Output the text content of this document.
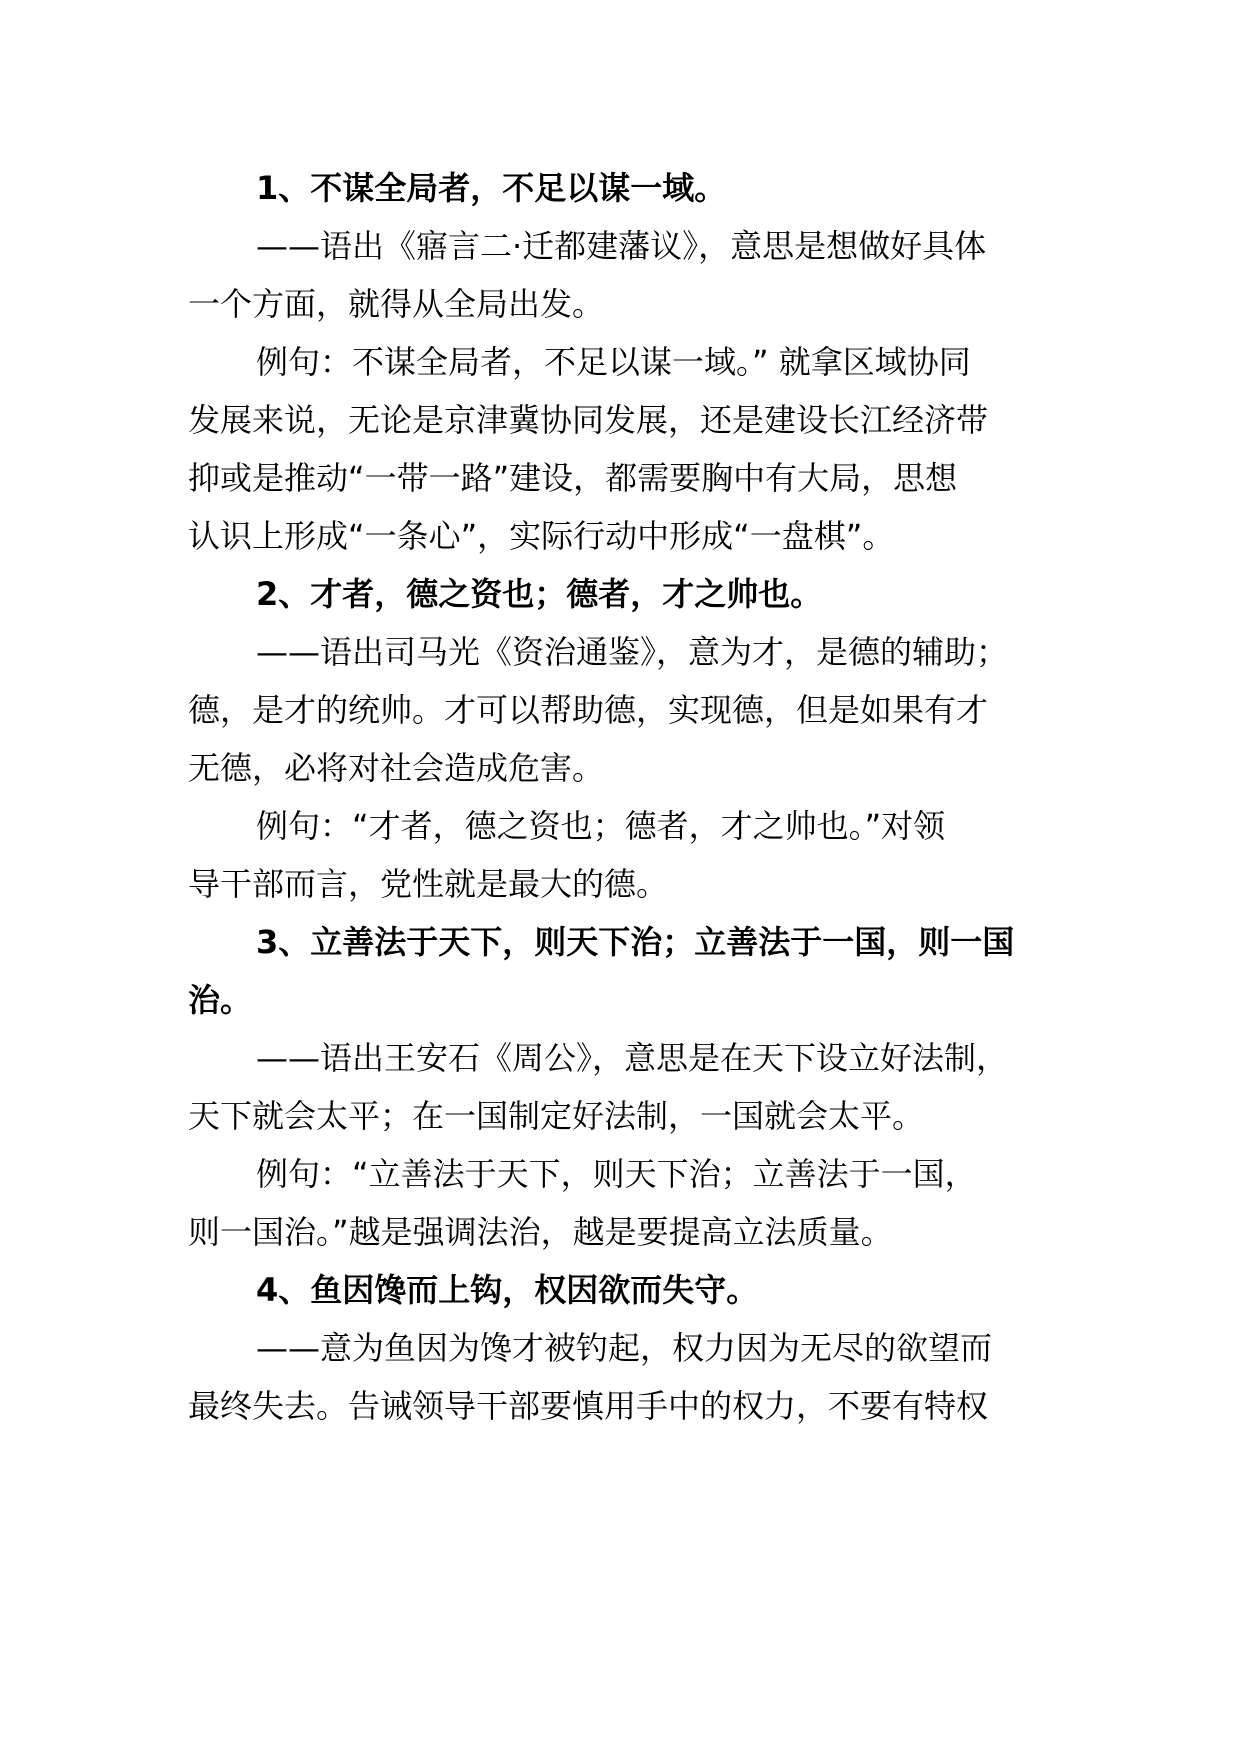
1、不谋全局者，不足以谋一域。
——语出《寤言二·迁都建藩议》，意思是想做好具体
一个方面，就得从全局出发。
例句：不谋全局者，不足以谋一域。” 就拿区域协同
发展来说，无论是京津冀协同发展，还是建设长江经济带
抑或是推动“一带一路”建设，都需要胸中有大局，思想
认识上形成“一条心”，实际行动中形成“一盘棋”。
2、才者，德之资也；德者，才之帅也。
——语出司马光《资治通鉴》，意为才，是德的辅助；
德，是才的统帅。才可以帮助德，实现德，但是如果有才
无德，必将对社会造成危害。
例句：“才者，德之资也；德者，才之帅也。”对领
导干部而言，党性就是最大的德。
3、立善法于天下，则天下治；立善法于一国，则一国
治。
——语出王安石《周公》，意思是在天下设立好法制，
天下就会太平；在一国制定好法制，一国就会太平。
例句：“立善法于天下，则天下治；立善法于一国，
则一国治。”越是强调法治，越是要提高立法质量。
4、鱼因馋而上钩，权因欲而失守。
——意为鱼因为馋才被钓起，权力因为无尽的欲望而
最终失去。告诫领导干部要慎用手中的权力，不要有特权
